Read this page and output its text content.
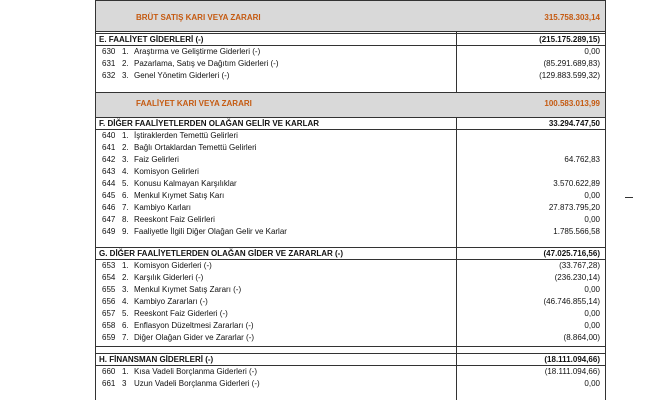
BRÜT SATIŞ KARI VEYA ZARARI	315.758.303,14
E. FAALİYET GİDERLERİ (-)	(215.175.289,15)
630 1. Araştırma ve Geliştirme Giderleri (-)	0,00
631 2. Pazarlama, Satış ve Dağıtım Giderleri (-)	(85.291.689,83)
632 3. Genel Yönetim Giderleri (-)	(129.883.599,32)
FAALİYET KARI VEYA ZARARI	100.583.013,99
F. DİĞER FAALİYETLERDEN OLAĞAN GELİR VE KARLAR	33.294.747,50
640 1. İştiraklerden Temettü Gelirleri
641 2. Bağlı Ortaklardan Temettü Gelirleri
642 3. Faiz Gelirleri	64.762,83
643 4. Komisyon Gelirleri
644 5. Konusu Kalmayan Karşılıklar	3.570.622,89
645 6. Menkul Kıymet Satış Karı	0,00
646 7. Kambiyo Karları	27.873.795,20
647 8. Reeskont Faiz Gelirleri	0,00
649 9. Faaliyetle İlgili Diğer Olağan Gelir ve Karlar	1.785.566,58
G. DİĞER FAALİYETLERDEN OLAĞAN GİDER VE ZARARLAR (-)	(47.025.716,56)
653 1. Komisyon Giderleri (-)	(33.767,28)
654 2. Karşılık Giderleri (-)	(236.230,14)
655 3. Menkul Kıymet Satış Zararı (-)	0,00
656 4. Kambiyo Zararları (-)	(46.746.855,14)
657 5. Reeskont Faiz Giderleri (-)	0,00
658 6. Enflasyon Düzeltmesi Zararları (-)	0,00
659 7. Diğer Olağan Gider ve Zararlar (-)	(8.864,00)
H. FİNANSMAN GİDERLERİ (-)	(18.111.094,66)
660 1. Kısa Vadeli Borçlanma Giderleri (-)	(18.111.094,66)
661 3 Uzun Vadeli Borçlanma Giderleri (-)	0,00
